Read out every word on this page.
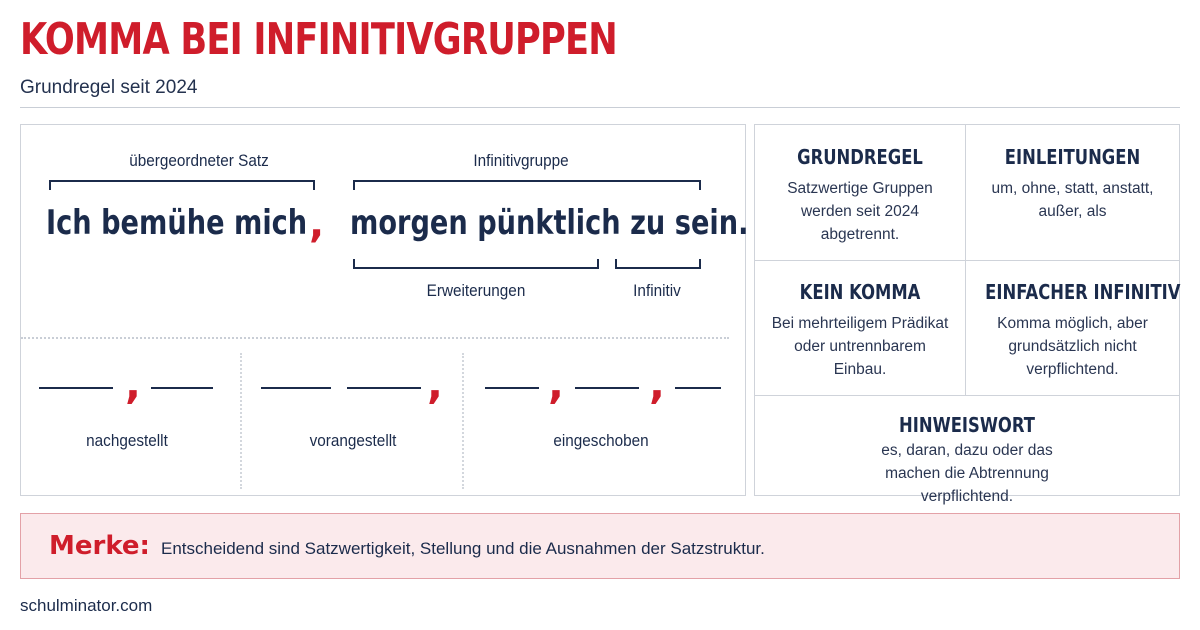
KOMMA BEI INFINITIVGRUPPEN
Grundregel seit 2024
übergeordneter Satz	Infinitivgruppe
Ich bemühe mich , morgen pünktlich zu sein.
Erweiterungen	Infinitiv
,
nachgestellt
,
vorangestellt
, ,
eingeschoben
GRUNDREGEL
Satzwertige Gruppen werden seit 2024 abgetrennt.
EINLEITUNGEN
um, ohne, statt, anstatt, außer, als
KEIN KOMMA
Bei mehrteiligem Prädikat oder untrennbarem Einbau.
EINFACHER INFINITIV
Komma möglich, aber grundsätzlich nicht verpflichtend.
HINWEISWORT
es, daran, dazu oder das machen die Abtrennung verpflichtend.
Merke: Entscheidend sind Satzwertigkeit, Stellung und die Ausnahmen der Satzstruktur.
schulminator.com
